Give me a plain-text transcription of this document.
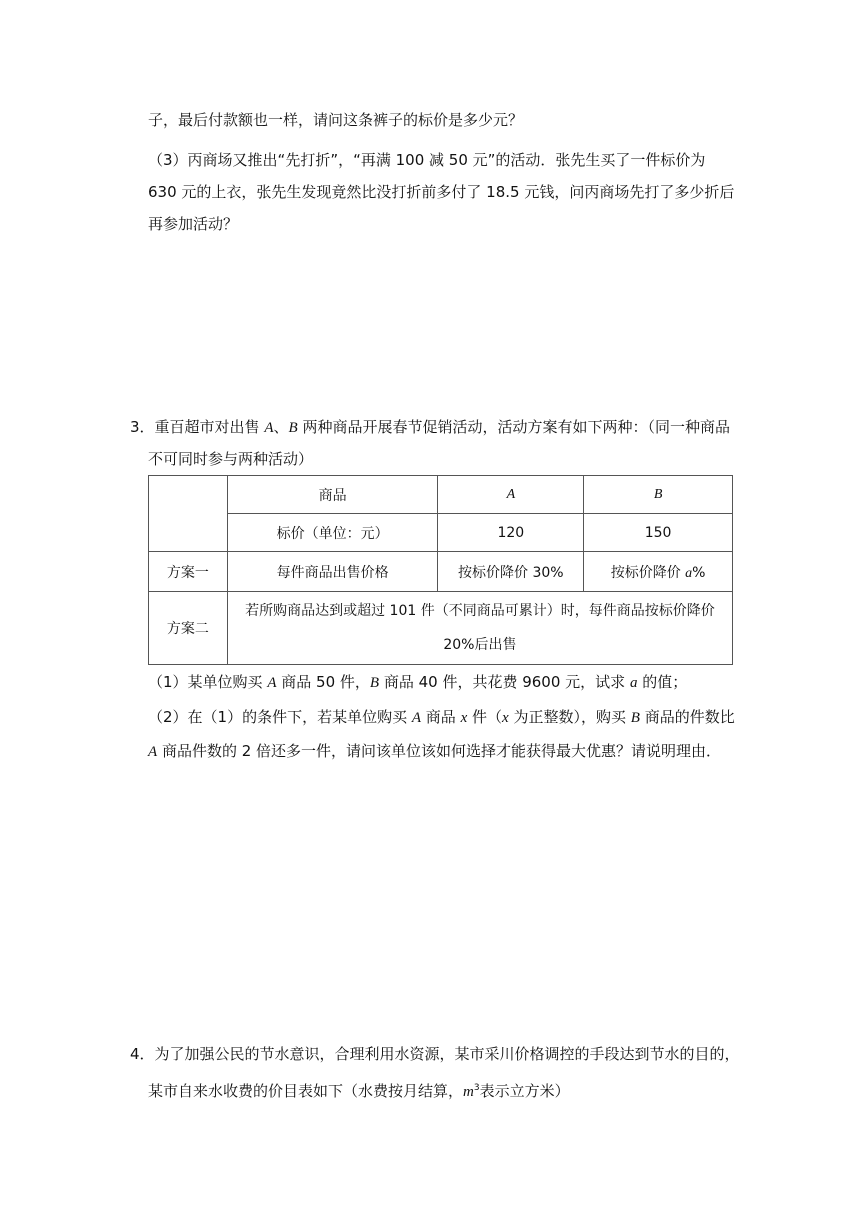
子，最后付款额也一样，请问这条裤子的标价是多少元？
（3）丙商场又推出“先打折”，“再满 100 减 50 元”的活动．张先生买了一件标价为
630 元的上衣，张先生发现竟然比没打折前多付了 18.5 元钱，问丙商场先打了多少折后
再参加活动？
3．重百超市对出售 A、B 两种商品开展春节促销活动，活动方案有如下两种：（同一种商品
不可同时参与两种活动）
	商品	A	B
	标价（单位：元）	120	150
方案一	每件商品出售价格	按标价降价 30%	按标价降价 a%
方案二	若所购商品达到或超过 101 件（不同商品可累计）时，每件商品按标价降价
20%后出售		
（1）某单位购买 A 商品 50 件，B 商品 40 件，共花费 9600 元，试求 a 的值；
（2）在（1）的条件下，若某单位购买 A 商品 x 件（x 为正整数），购买 B 商品的件数比
A 商品件数的 2 倍还多一件，请问该单位该如何选择才能获得最大优惠？请说明理由．
4．为了加强公民的节水意识，合理利用水资源，某市采川价格调控的手段达到节水的目的，
某市自来水收费的价目表如下（水费按月结算，$m^3$表示立方米）
